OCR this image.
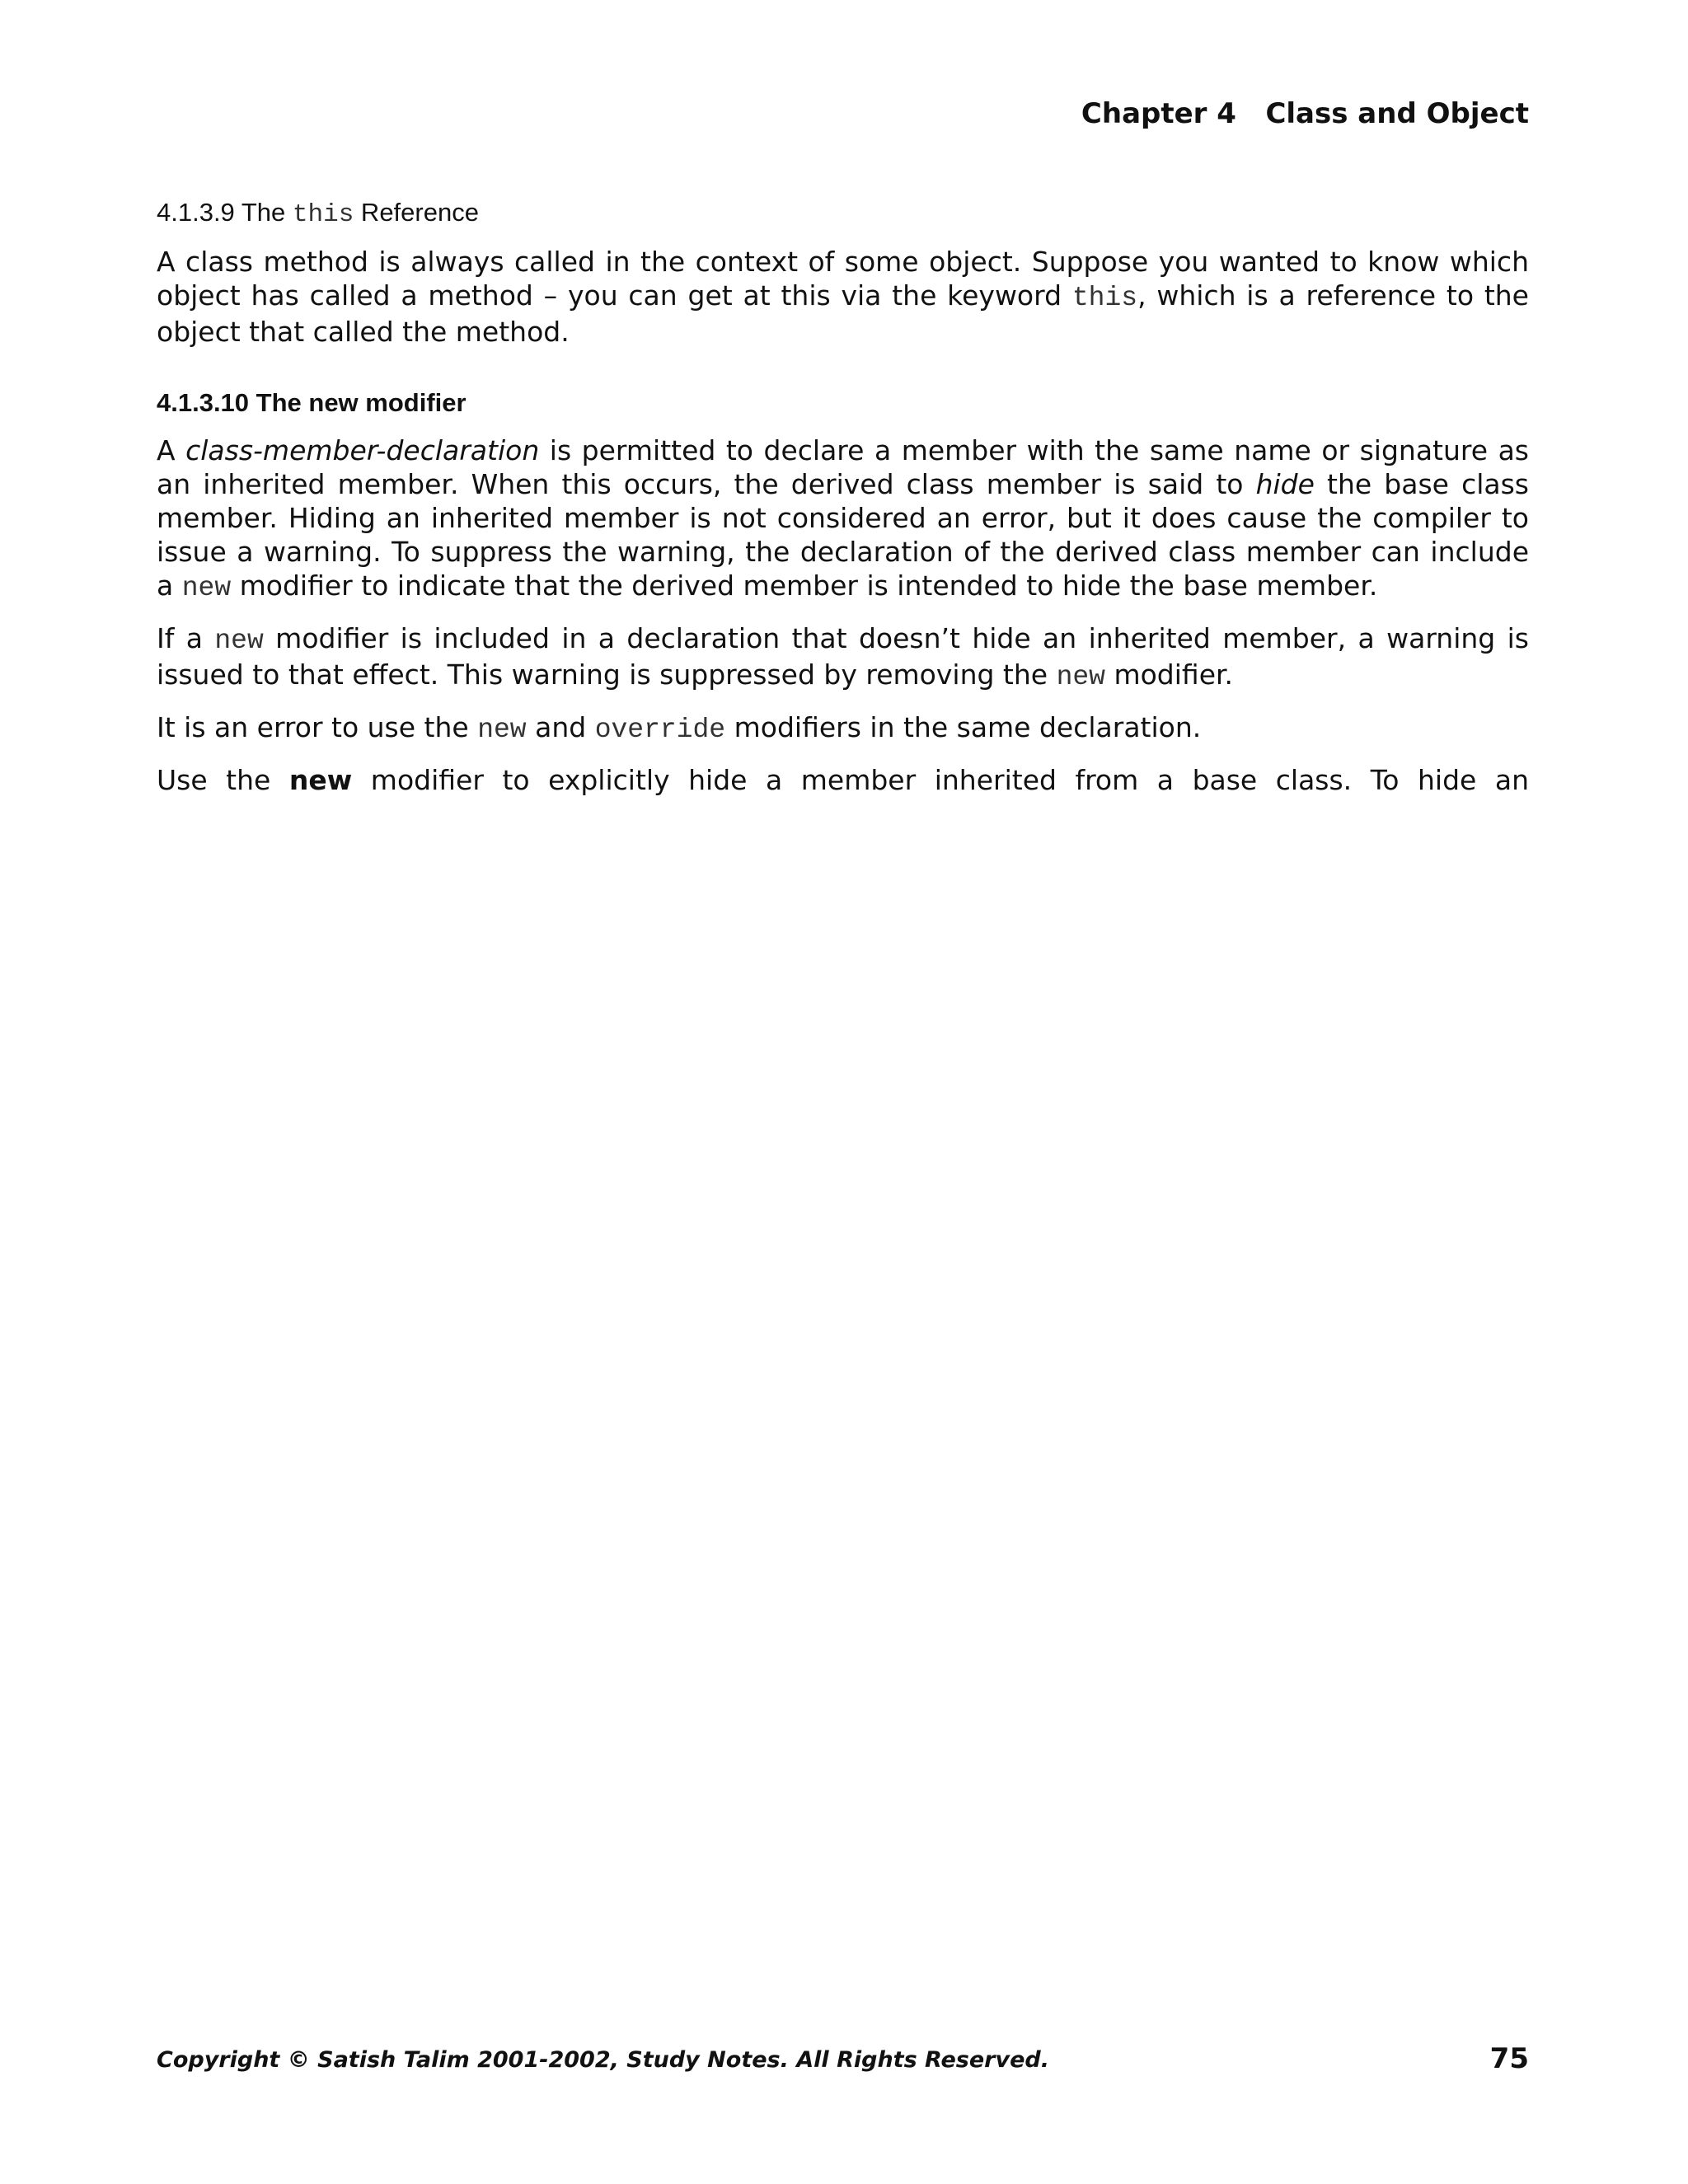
Chapter 4   Class and Object
4.1.3.9 The this Reference

A class method is always called in the context of some object. Suppose you wanted to know which object has called a method – you can get at this via the keyword this, which is a reference to the object that called the method.

4.1.3.10 The new modifier

A class-member-declaration is permitted to declare a member with the same name or signature as an inherited member. When this occurs, the derived class member is said to hide the base class member. Hiding an inherited member is not considered an error, but it does cause the compiler to issue a warning. To suppress the warning, the declaration of the derived class member can include a new modifier to indicate that the derived member is intended to hide the base member.

If a new modifier is included in a declaration that doesn’t hide an inherited member, a warning is issued to that effect. This warning is suppressed by removing the new modifier.

It is an error to use the new and override modifiers in the same declaration.

Use the new modifier to explicitly hide a member inherited from a base class. To hide an

Copyright © Satish Talim 2001-2002, Study Notes. All Rights Reserved.	75
